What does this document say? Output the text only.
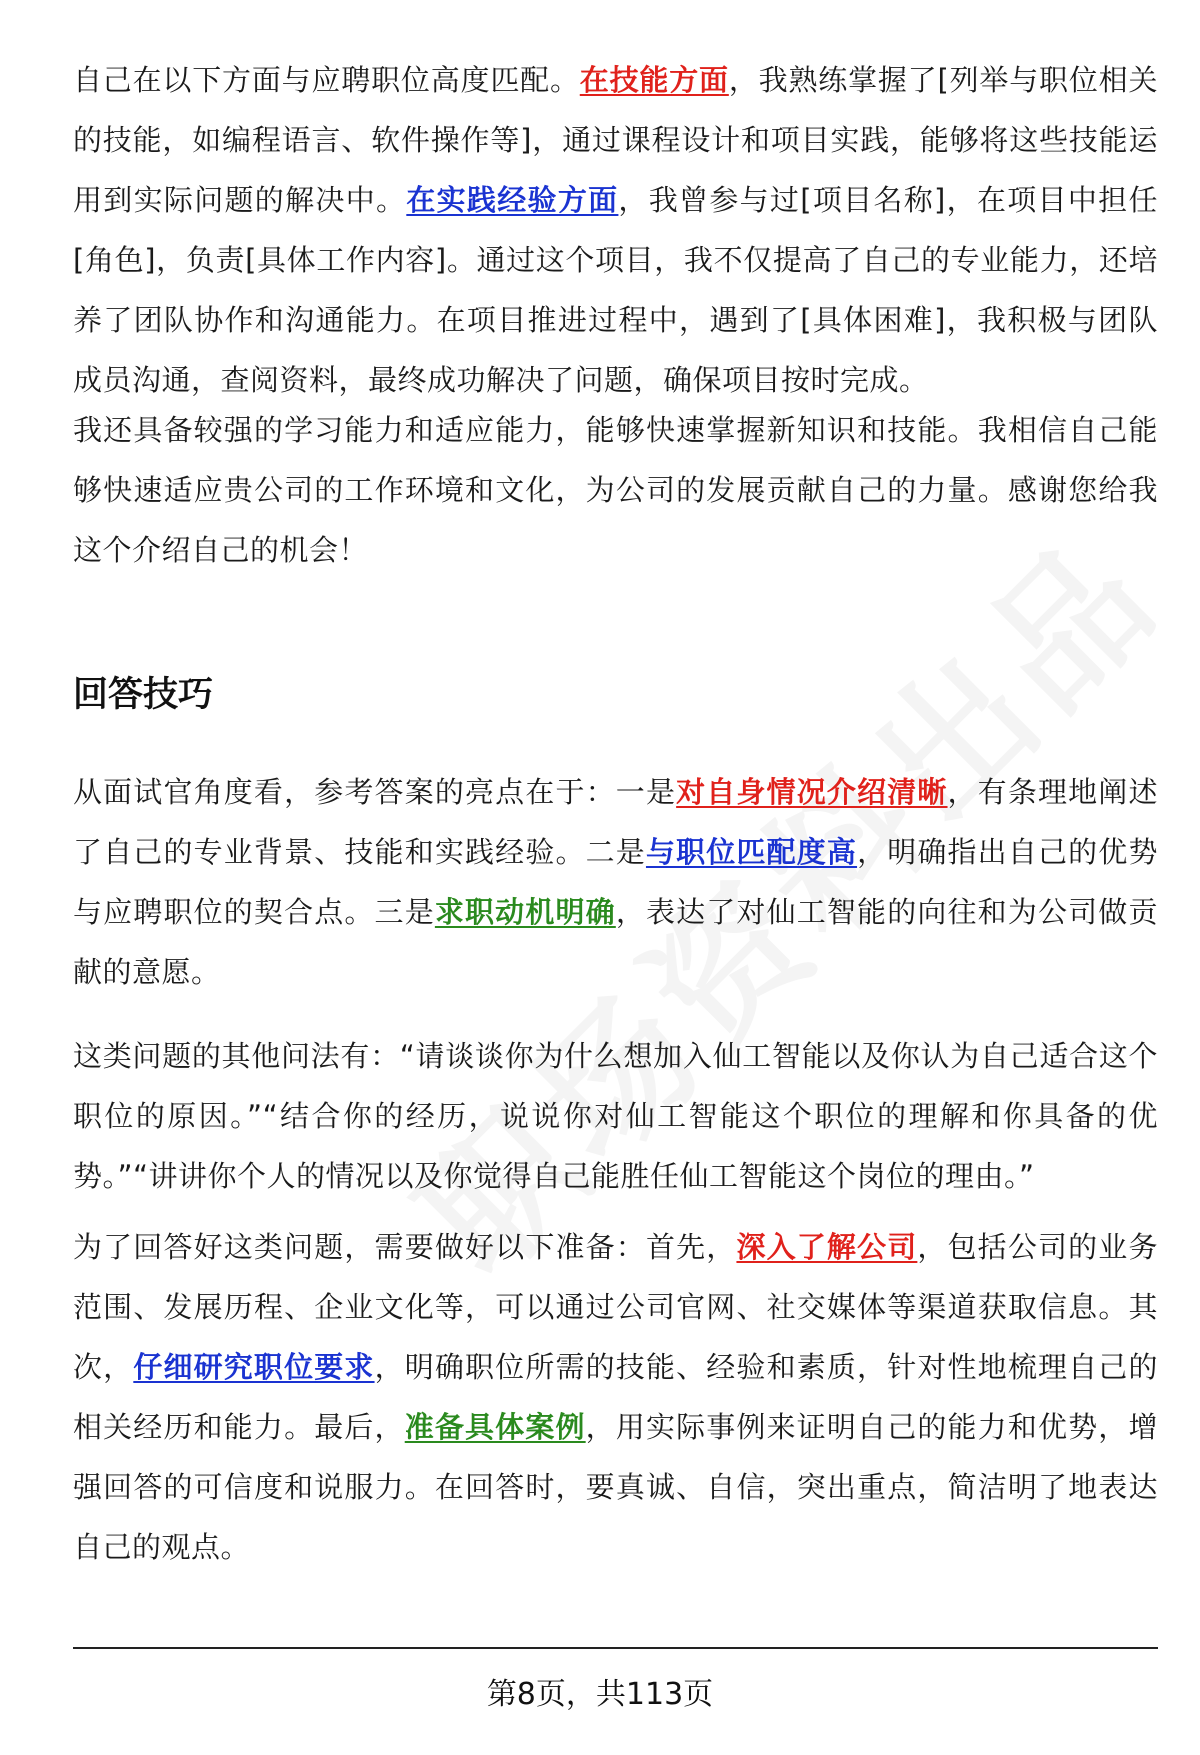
自己在以下方面与应聘职位高度匹配。在技能方面，我熟练掌握了[列举与职位相关的技能，如编程语言、软件操作等]，通过课程设计和项目实践，能够将这些技能运用到实际问题的解决中。在实践经验方面，我曾参与过[项目名称]，在项目中担任[角色]，负责[具体工作内容]。通过这个项目，我不仅提高了自己的专业能力，还培养了团队协作和沟通能力。在项目推进过程中，遇到了[具体困难]，我积极与团队成员沟通，查阅资料，最终成功解决了问题，确保项目按时完成。

我还具备较强的学习能力和适应能力，能够快速掌握新知识和技能。我相信自己能够快速适应贵公司的工作环境和文化，为公司的发展贡献自己的力量。感谢您给我这个介绍自己的机会！

回答技巧

从面试官角度看，参考答案的亮点在于：一是对自身情况介绍清晰，有条理地阐述了自己的专业背景、技能和实践经验。二是与职位匹配度高，明确指出自己的优势与应聘职位的契合点。三是求职动机明确，表达了对仙工智能的向往和为公司做贡献的意愿。

这类问题的其他问法有：“请谈谈你为什么想加入仙工智能以及你认为自己适合这个职位的原因。”“结合你的经历，说说你对仙工智能这个职位的理解和你具备的优势。”“讲讲你个人的情况以及你觉得自己能胜任仙工智能这个岗位的理由。”

为了回答好这类问题，需要做好以下准备：首先，深入了解公司，包括公司的业务范围、发展历程、企业文化等，可以通过公司官网、社交媒体等渠道获取信息。其次，仔细研究职位要求，明确职位所需的技能、经验和素质，针对性地梳理自己的相关经历和能力。最后，准备具体案例，用实际事例来证明自己的能力和优势，增强回答的可信度和说服力。在回答时，要真诚、自信，突出重点，简洁明了地表达自己的观点。

第8页，共113页
